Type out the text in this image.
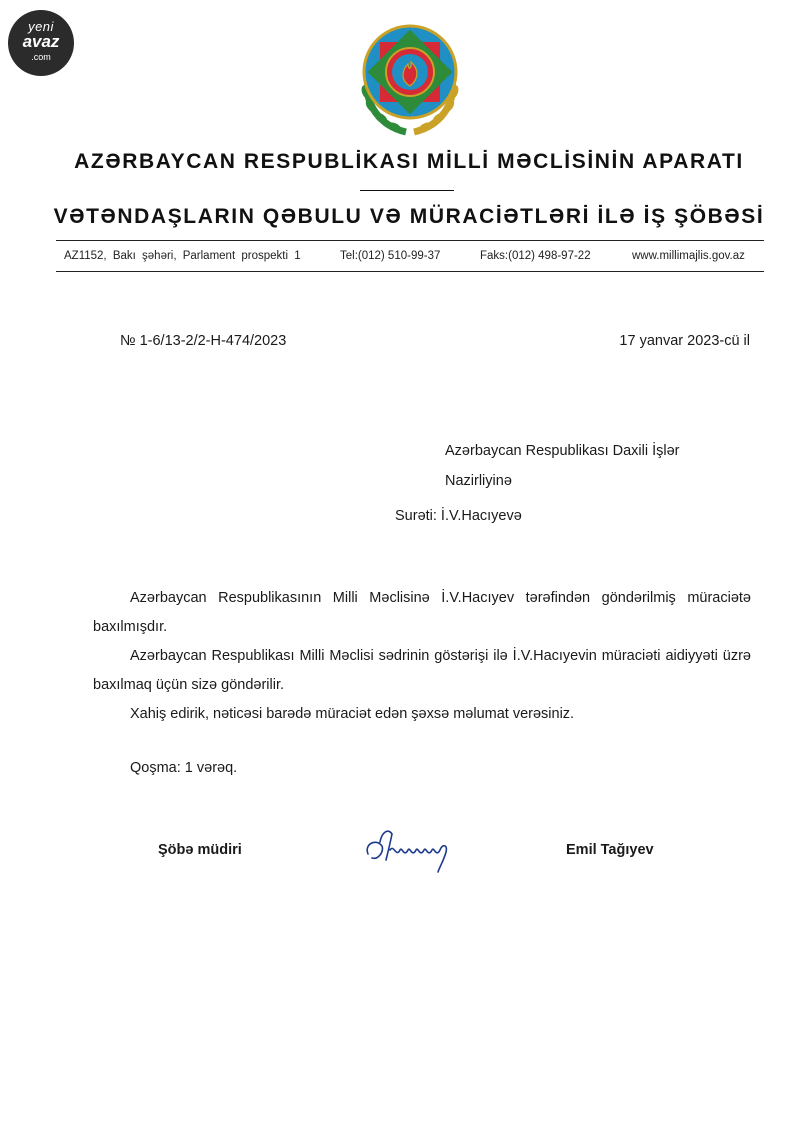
yeni
avaz
.com
AZƏRBAYCAN RESPUBLİKASI MİLLİ MƏCLİSİNİN APARATI
VƏTƏNDAŞLARIN QƏBULU VƏ MÜRACİƏTLƏRİ İLƏ İŞ ŞÖBƏSİ
AZ1152, Bakı şəhəri, Parlament prospekti 1	Tel:(012) 510-99-37	Faks:(012) 498-97-22	www.millimajlis.gov.az
№ 1-6/13-2/2-H-474/2023	17 yanvar 2023-cü il
Azərbaycan Respublikası Daxili İşlər
Nazirliyinə
Surəti: İ.V.Hacıyevə
Azərbaycan Respublikasının Milli Məclisinə İ.V.Hacıyev tərəfindən göndərilmiş müraciətə baxılmışdır.
Azərbaycan Respublikası Milli Məclisi sədrinin göstərişi ilə İ.V.Hacıyevin müraciəti aidiyyəti üzrə baxılmaq üçün sizə göndərilir.
Xahiş edirik, nəticəsi barədə müraciət edən şəxsə məlumat verəsiniz.
Qoşma: 1 vərəq.
Şöbə müdiri	Emil Tağıyev
